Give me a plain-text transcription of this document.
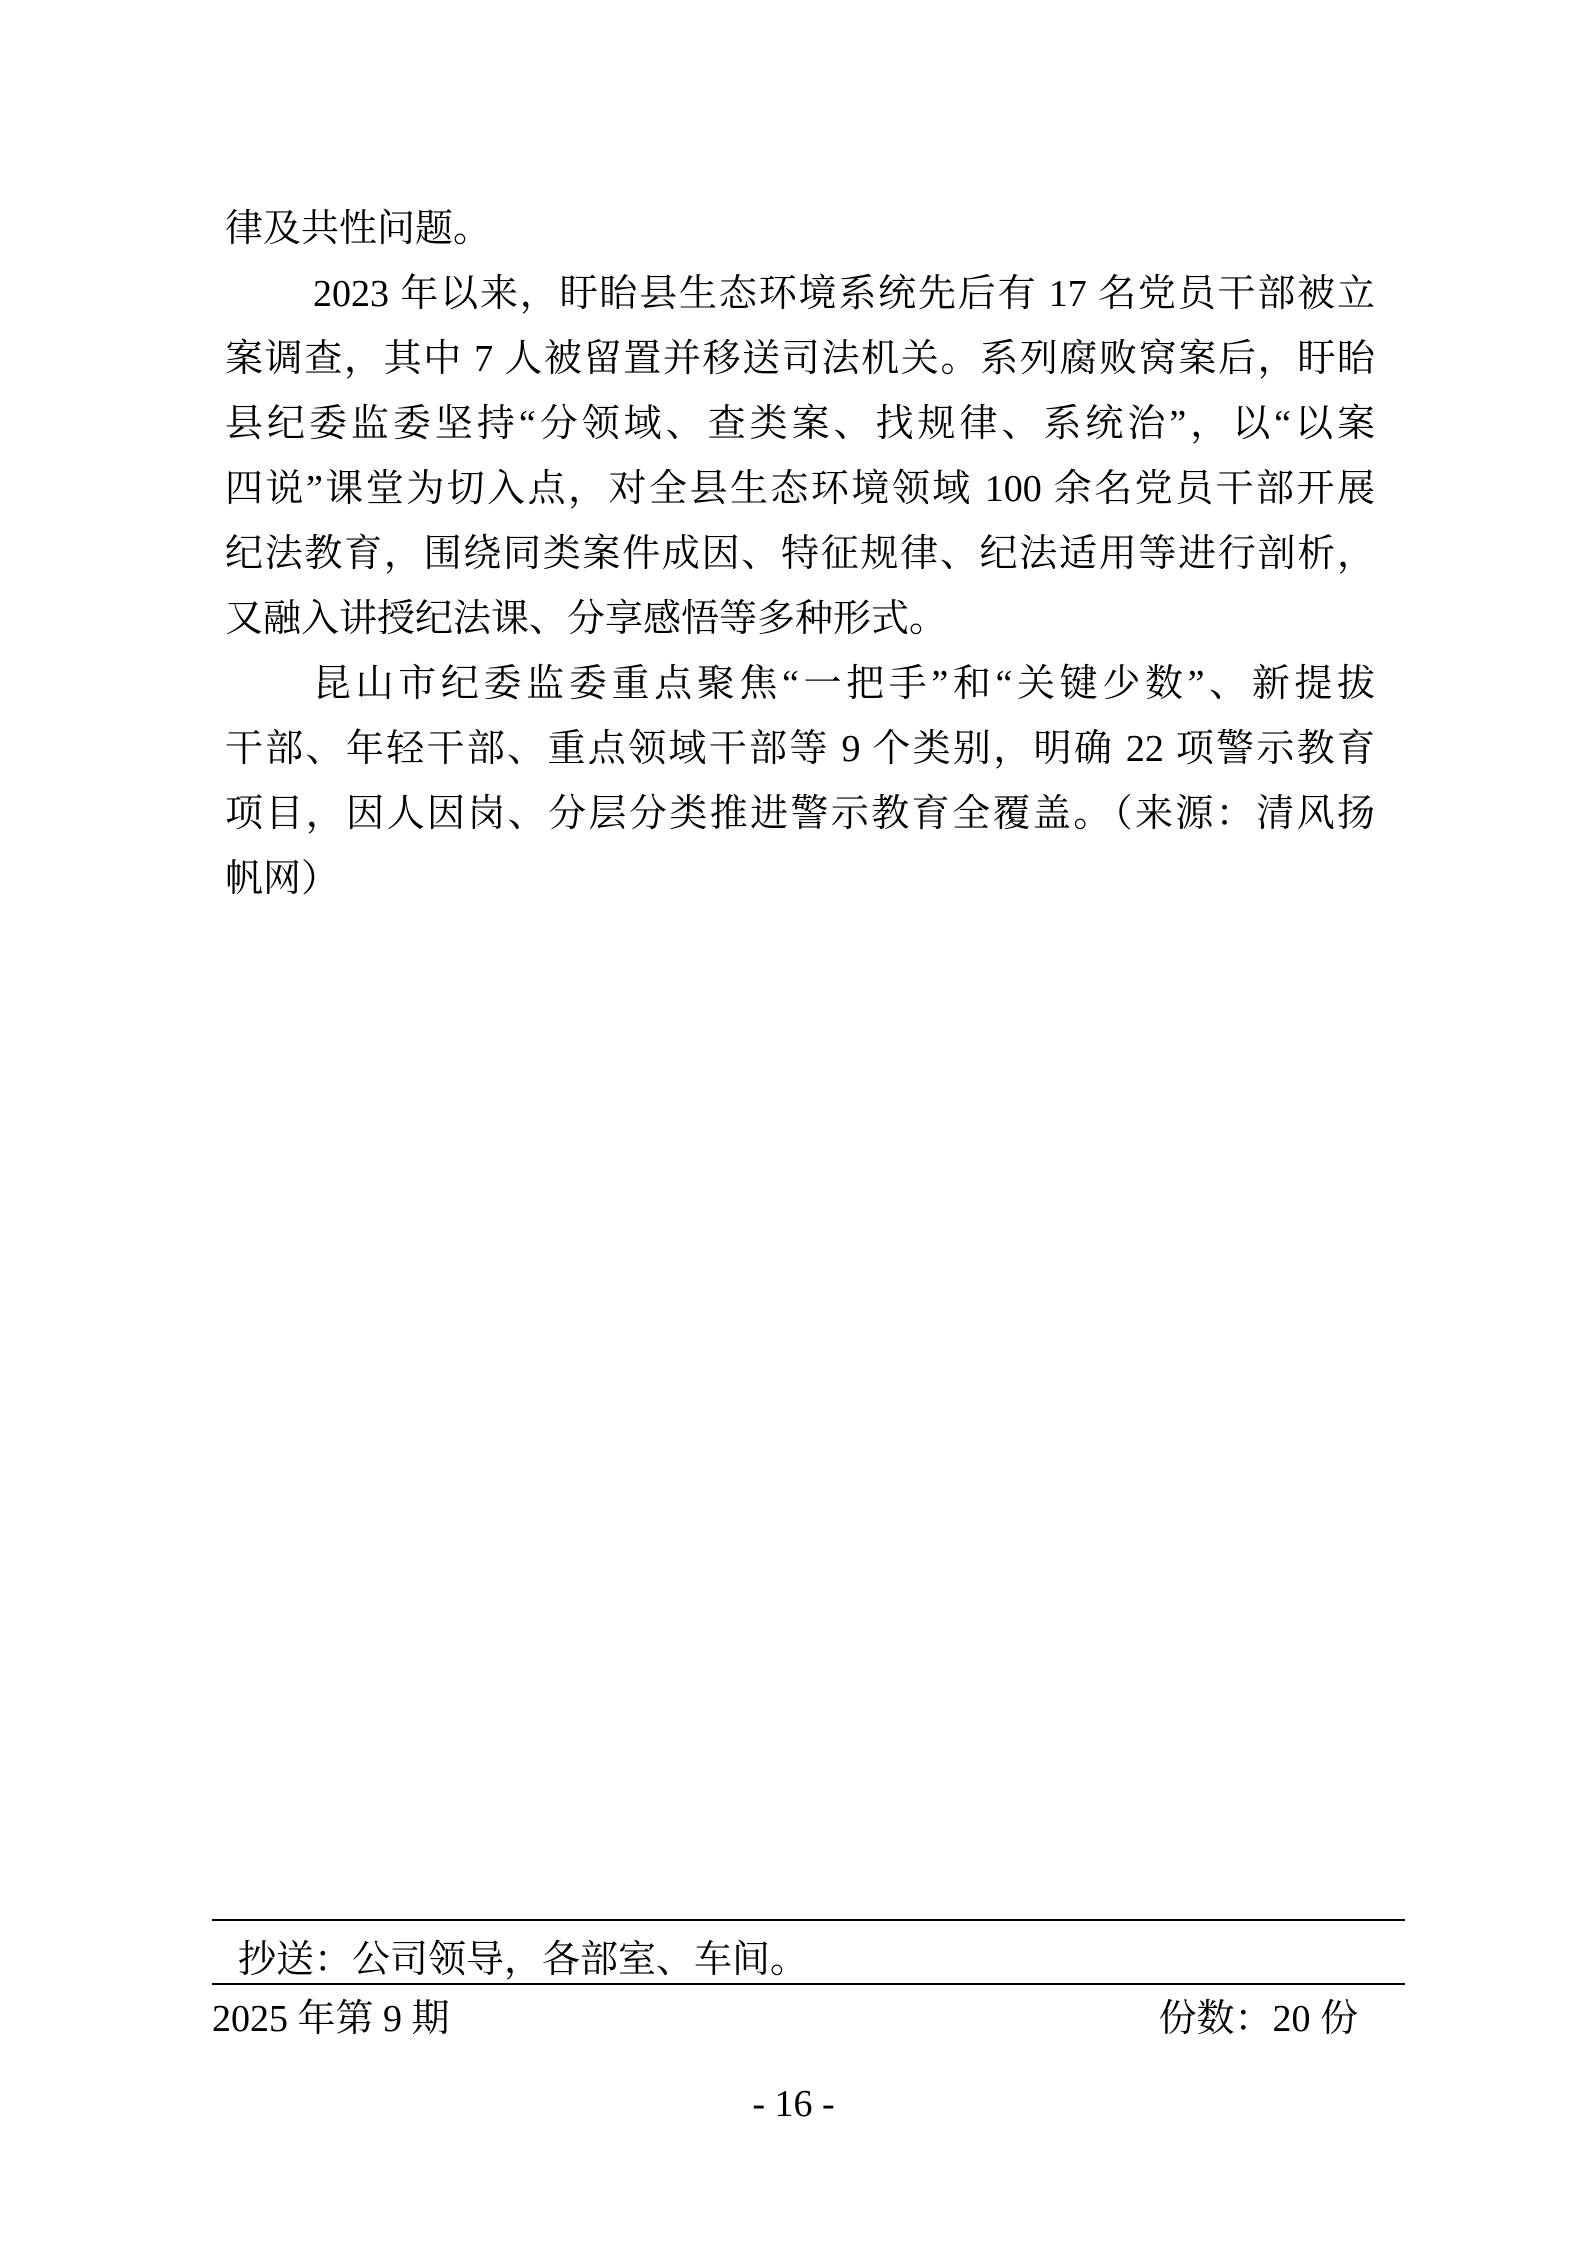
律及共性问题。
2023 年以来，盱眙县生态环境系统先后有 17 名党员干部被立
案调查，其中 7 人被留置并移送司法机关。系列腐败窝案后，盱眙
县纪委监委坚持“分领域、查类案、找规律、系统治”，以“以案
四说”课堂为切入点，对全县生态环境领域 100 余名党员干部开展
纪法教育，围绕同类案件成因、特征规律、纪法适用等进行剖析，
又融入讲授纪法课、分享感悟等多种形式。
昆山市纪委监委重点聚焦“一把手”和“关键少数”、新提拔
干部、年轻干部、重点领域干部等 9 个类别，明确 22 项警示教育
项目，因人因岗、分层分类推进警示教育全覆盖。（来源：清风扬
帆网）
抄送：公司领导，各部室、车间。
2025 年第 9 期	份数：20 份
- 16 -
